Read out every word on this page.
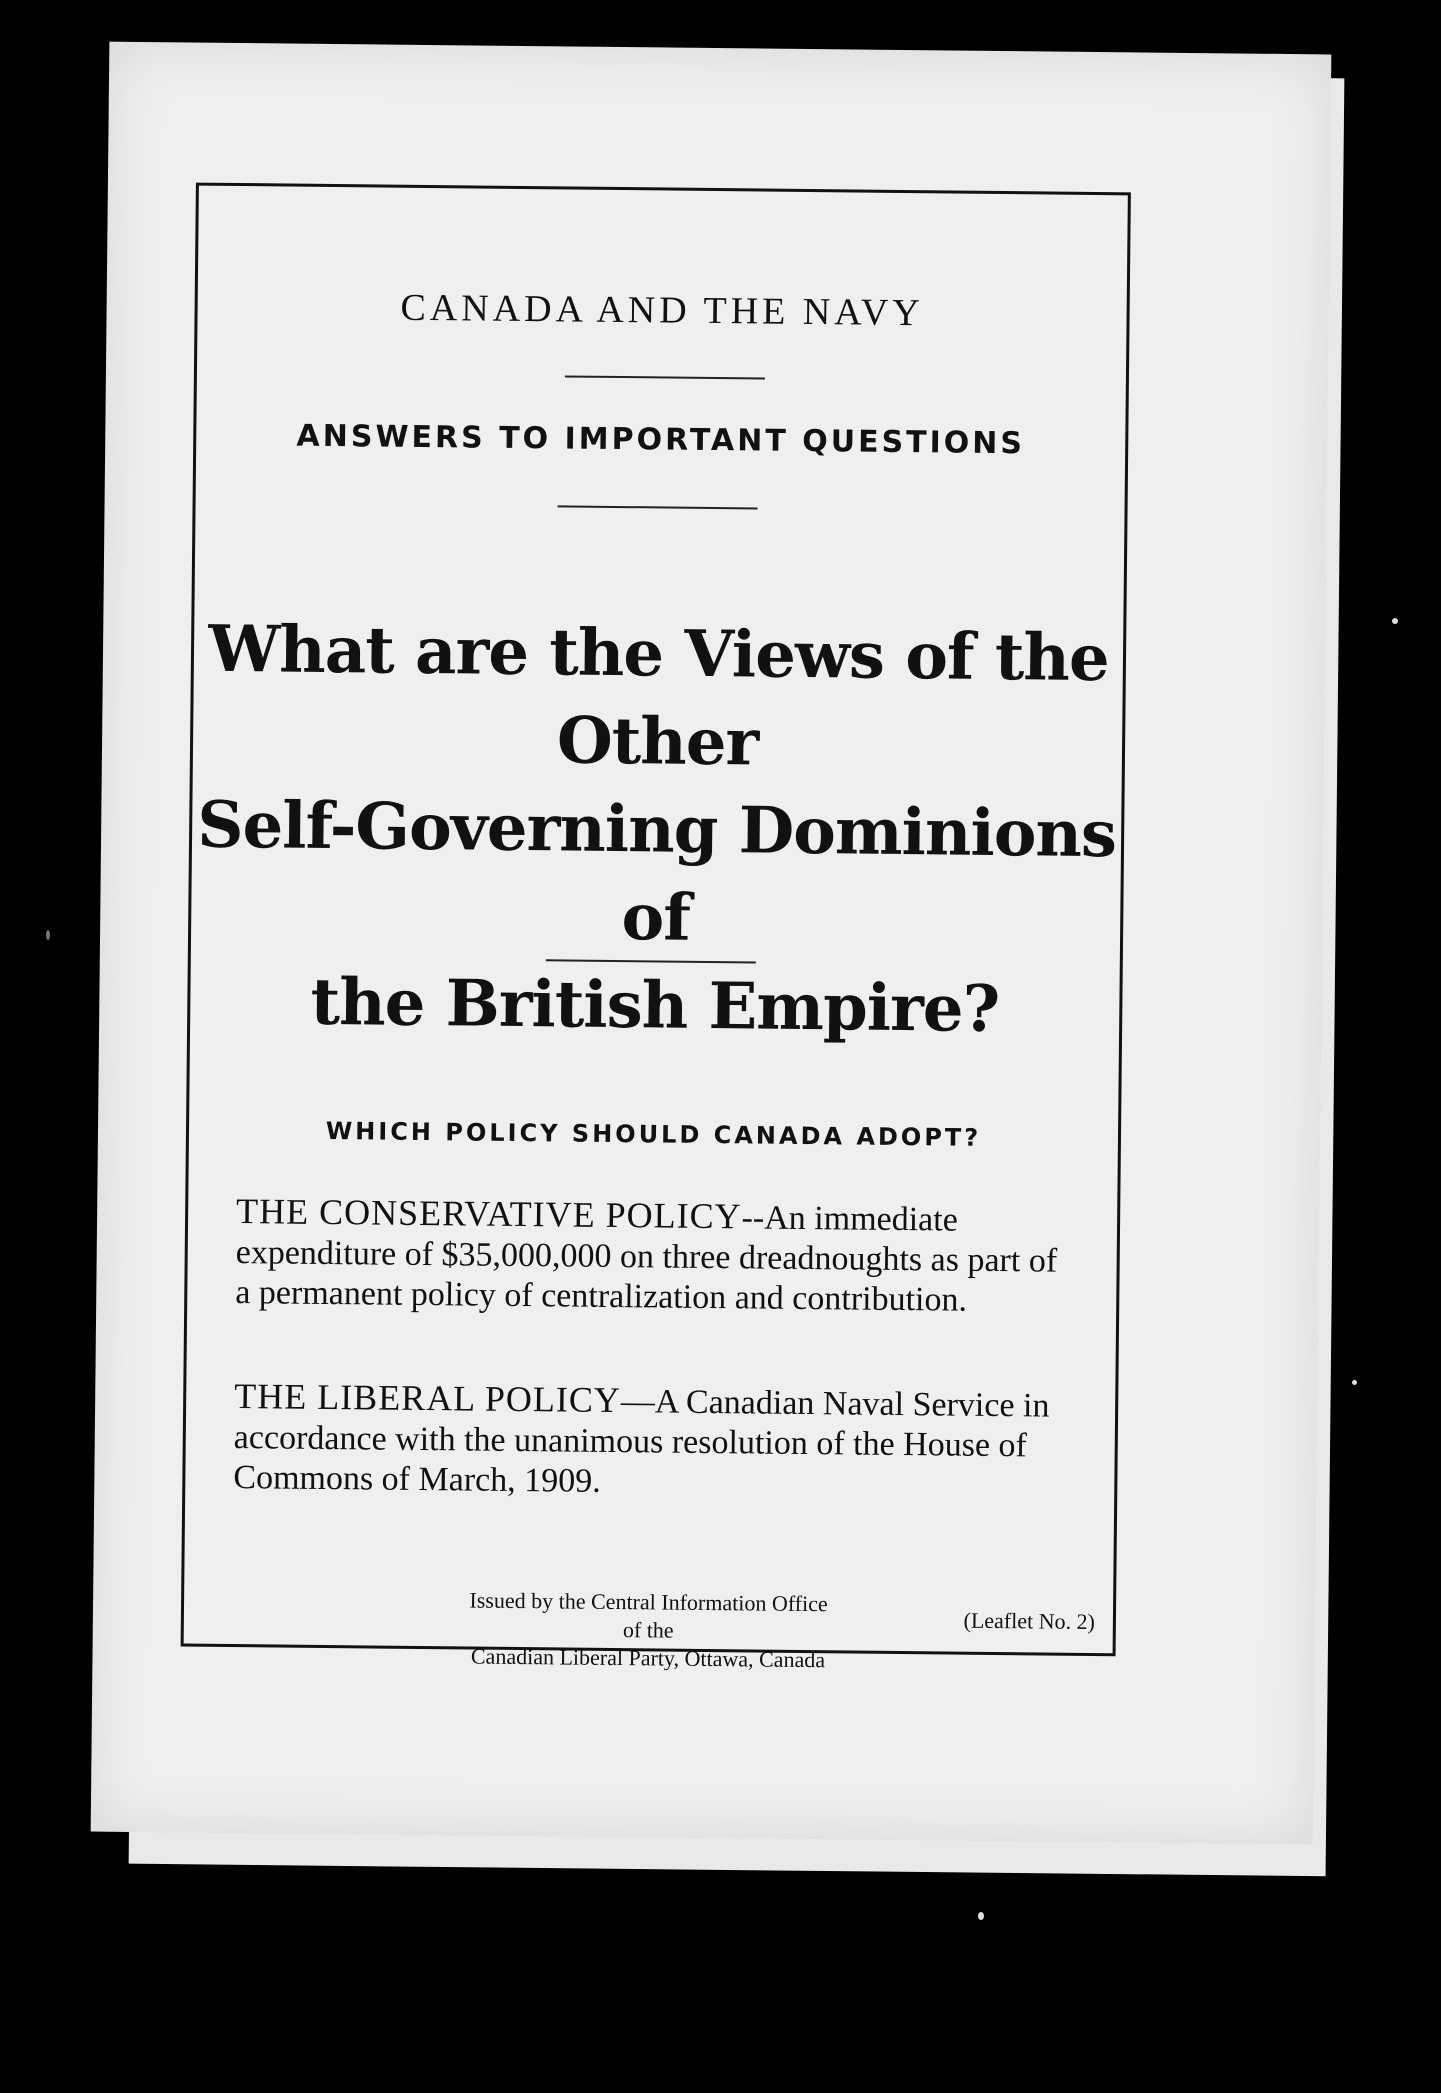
CANADA AND THE NAVY
ANSWERS TO IMPORTANT QUESTIONS
What are the Views of the Other
Self-Governing Dominions of
the British Empire?
WHICH POLICY SHOULD CANADA ADOPT?
THE CONSERVATIVE POLICY--An immediate expenditure of $35,000,000 on three dreadnoughts as part of a permanent policy of centralization and contribution.
THE LIBERAL POLICY—A Canadian Naval Service in accordance with the unanimous resolution of the House of Commons of March, 1909.
Issued by the Central Information Office
of the
Canadian Liberal Party, Ottawa, Canada
(Leaflet No. 2)
